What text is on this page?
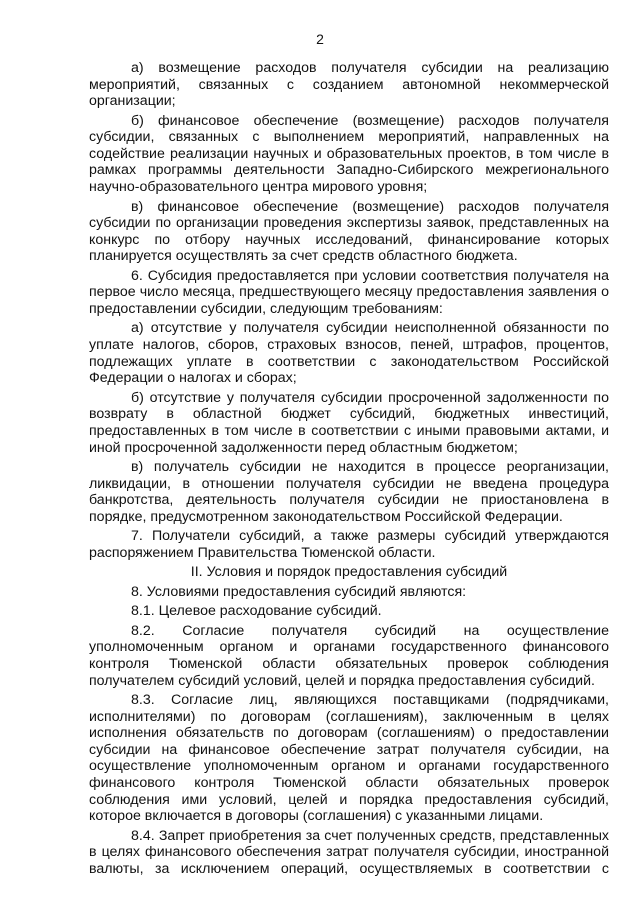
2

а) возмещение расходов получателя субсидии на реализацию мероприятий, связанных с созданием автономной некоммерческой организации;

б) финансовое обеспечение (возмещение) расходов получателя субсидии, связанных с выполнением мероприятий, направленных на содействие реализации научных и образовательных проектов, в том числе в рамках программы деятельности Западно-Сибирского межрегионального научно-образовательного центра мирового уровня;

в) финансовое обеспечение (возмещение) расходов получателя субсидии по организации проведения экспертизы заявок, представленных на конкурс по отбору научных исследований, финансирование которых планируется осуществлять за счет средств областного бюджета.

6. Субсидия предоставляется при условии соответствия получателя на первое число месяца, предшествующего месяцу предоставления заявления о предоставлении субсидии, следующим требованиям:

а) отсутствие у получателя субсидии неисполненной обязанности по уплате налогов, сборов, страховых взносов, пеней, штрафов, процентов, подлежащих уплате в соответствии с законодательством Российской Федерации о налогах и сборах;

б) отсутствие у получателя субсидии просроченной задолженности по возврату в областной бюджет субсидий, бюджетных инвестиций, предоставленных в том числе в соответствии с иными правовыми актами, и иной просроченной задолженности перед областным бюджетом;

в) получатель субсидии не находится в процессе реорганизации, ликвидации, в отношении получателя субсидии не введена процедура банкротства, деятельность получателя субсидии не приостановлена в порядке, предусмотренном законодательством Российской Федерации.

7. Получатели субсидий, а также размеры субсидий утверждаются распоряжением Правительства Тюменской области.

II. Условия и порядок предоставления субсидий

8. Условиями предоставления субсидий являются:

8.1. Целевое расходование субсидий.

8.2. Согласие получателя субсидий на осуществление уполномоченным органом и органами государственного финансового контроля Тюменской области обязательных проверок соблюдения получателем субсидий условий, целей и порядка предоставления субсидий.

8.3. Согласие лиц, являющихся поставщиками (подрядчиками, исполнителями) по договорам (соглашениям), заключенным в целях исполнения обязательств по договорам (соглашениям) о предоставлении субсидии на финансовое обеспечение затрат получателя субсидии, на осуществление уполномоченным органом и органами государственного финансового контроля Тюменской области обязательных проверок соблюдения ими условий, целей и порядка предоставления субсидий, которое включается в договоры (соглашения) с указанными лицами.

8.4. Запрет приобретения за счет полученных средств, представленных в целях финансового обеспечения затрат получателя субсидии, иностранной валюты, за исключением операций, осуществляемых в соответствии с
